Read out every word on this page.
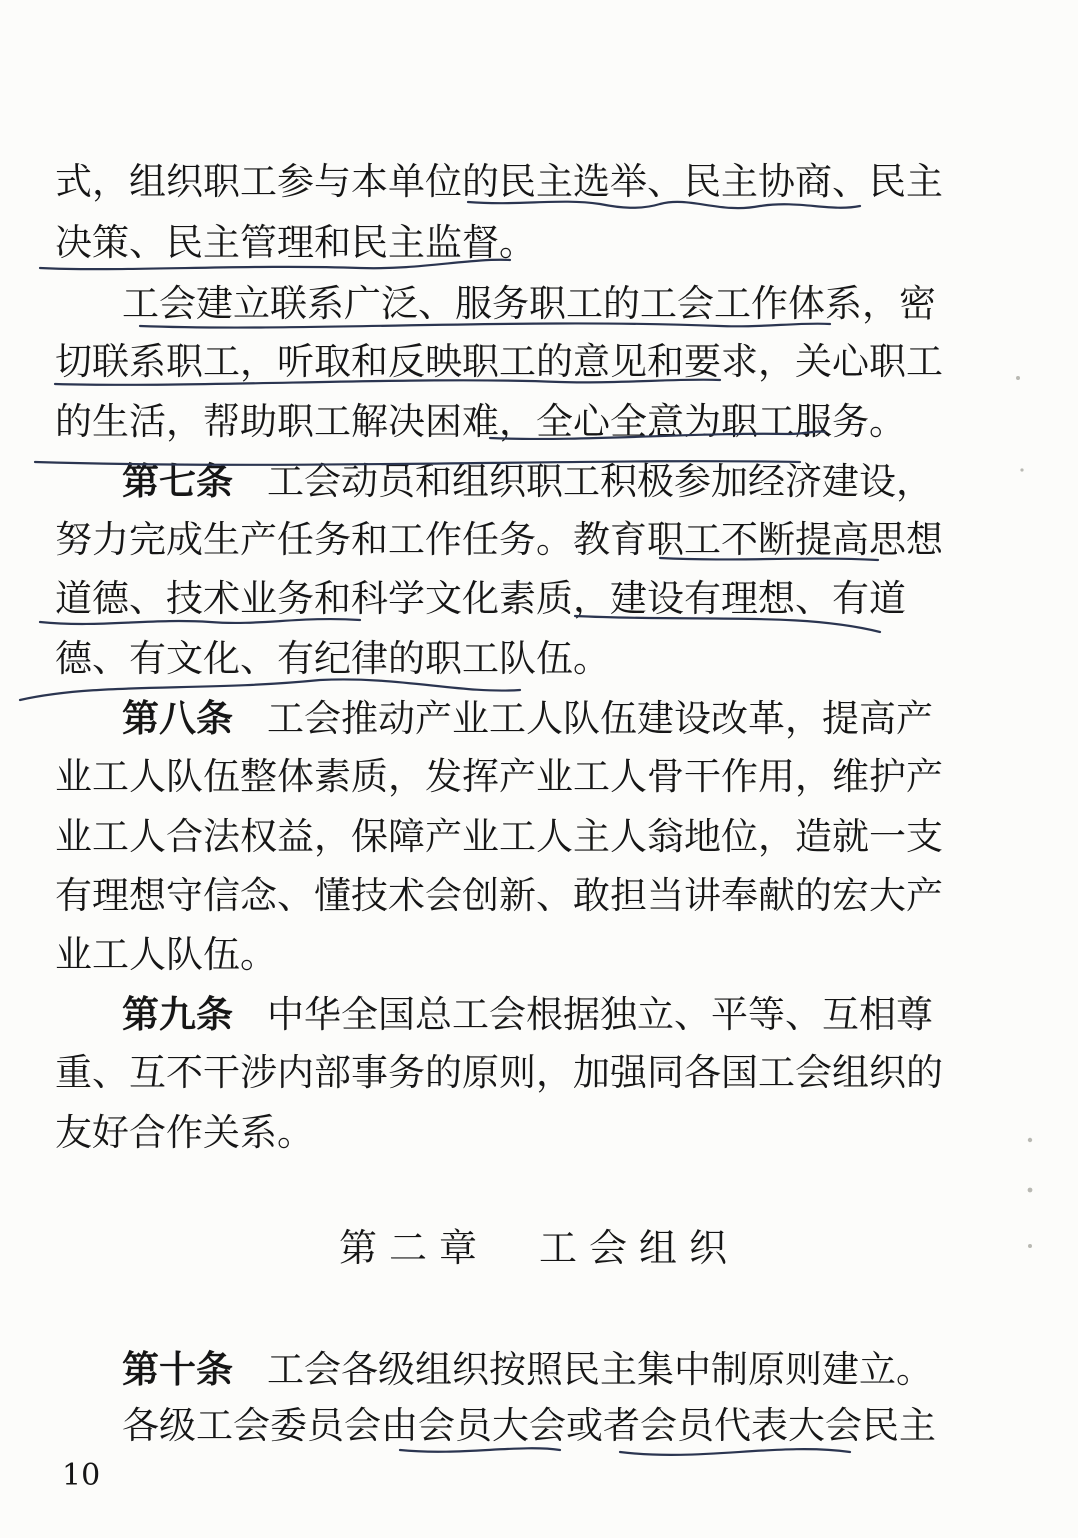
式，组织职工参与本单位的民主选举、民主协商、民主
决策、民主管理和民主监督。
工会建立联系广泛、服务职工的工会工作体系，密
切联系职工，听取和反映职工的意见和要求，关心职工
的生活，帮助职工解决困难，全心全意为职工服务。
第七条 工会动员和组织职工积极参加经济建设，
努力完成生产任务和工作任务。教育职工不断提高思想
道德、技术业务和科学文化素质，建设有理想、有道
德、有文化、有纪律的职工队伍。
第八条 工会推动产业工人队伍建设改革，提高产
业工人队伍整体素质，发挥产业工人骨干作用，维护产
业工人合法权益，保障产业工人主人翁地位，造就一支
有理想守信念、懂技术会创新、敢担当讲奉献的宏大产
业工人队伍。
第九条 中华全国总工会根据独立、平等、互相尊
重、互不干涉内部事务的原则，加强同各国工会组织的
友好合作关系。
第二章　工会组织
第十条 工会各级组织按照民主集中制原则建立。
各级工会委员会由会员大会或者会员代表大会民主
10
